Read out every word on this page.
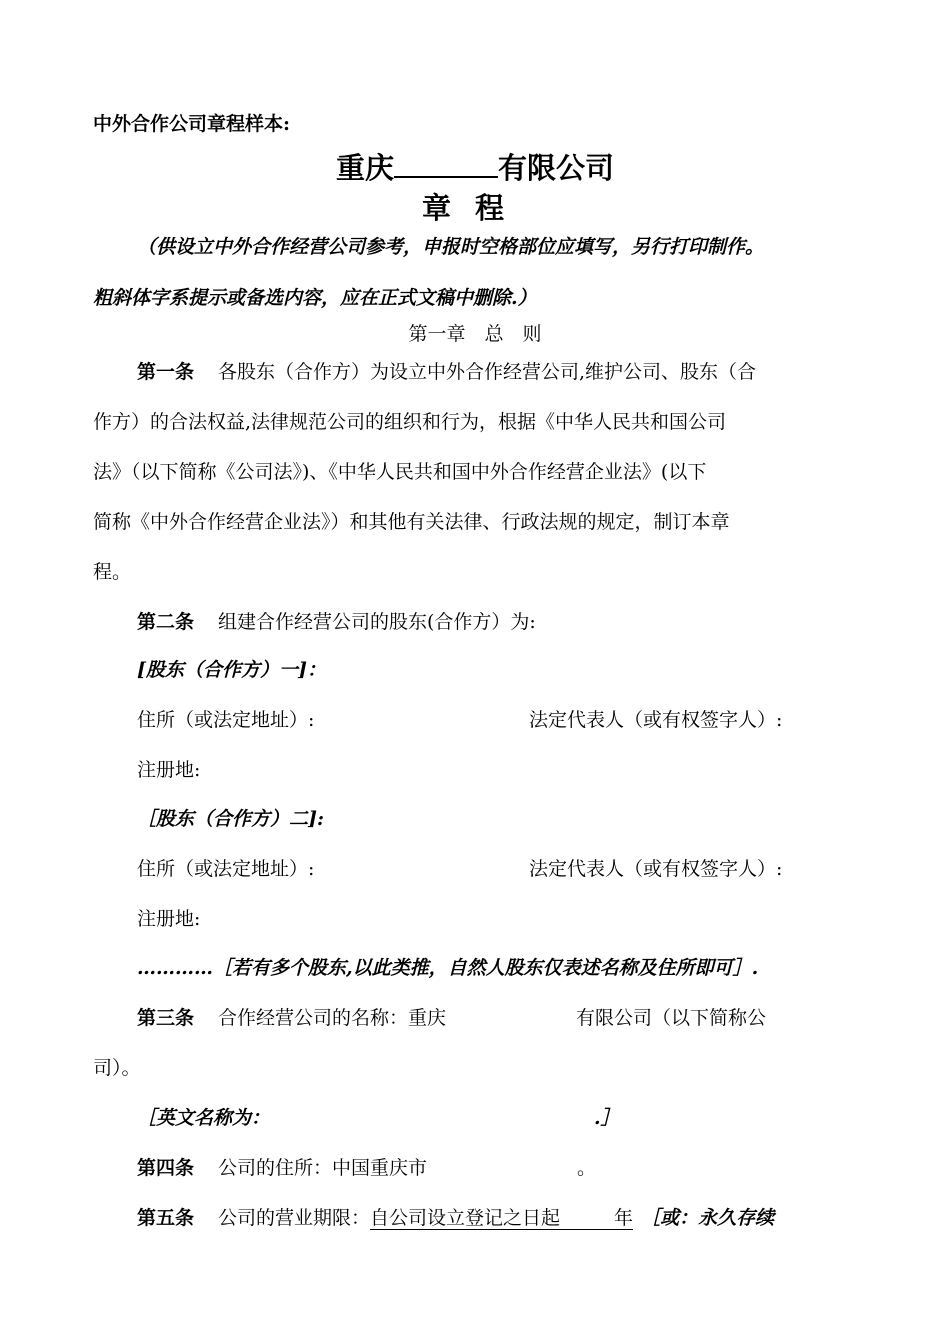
中外合作公司章程样本:
重庆	有限公司
章程
（供设立中外合作经营公司参考，申报时空格部位应填写，另行打印制作。
粗斜体字系提示或备选内容，应在正式文稿中删除.）
第一章　总　则
第一条 各股东（合作方）为设立中外合作经营公司,维护公司、股东（合
作方）的合法权益,法律规范公司的组织和行为，根据《中华人民共和国公司
法》（以下简称《公司法》)、《中华人民共和国中外合作经营企业法》(以下
简称《中外合作经营企业法》）和其他有关法律、行政法规的规定，制订本章
程。
第二条 组建合作经营公司的股东(合作方）为:
[股东（合作方）一]：
住所（或法定地址）:	法定代表人（或有权签字人）:
注册地:
［股东（合作方）二]:
住所（或法定地址）:	法定代表人（或有权签字人）:
注册地:
…………［若有多个股东,以此类推，自然人股东仅表述名称及住所即可］.
第三条 合作经营公司的名称：重庆	有限公司（以下简称公
司）。
［英文名称为：	.］
第四条 公司的住所：中国重庆市	。
第五条 公司的营业期限：自公司设立登记之日起	年 ［或：永久存续
